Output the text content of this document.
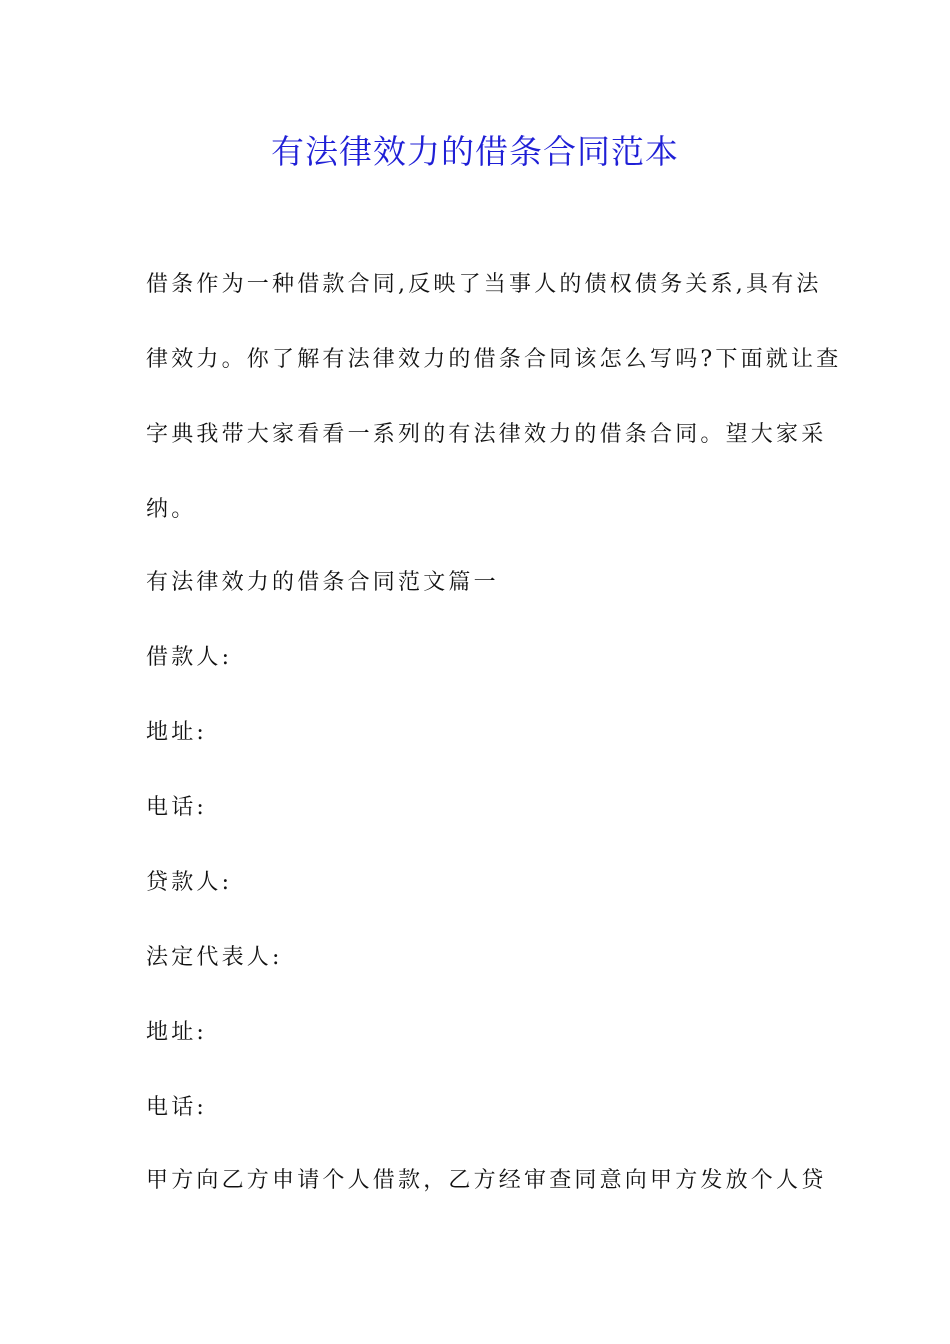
有法律效力的借条合同范本
借条作为一种借款合同,反映了当事人的债权债务关系,具有法
律效力。你了解有法律效力的借条合同该怎么写吗?下面就让查
字典我带大家看看一系列的有法律效力的借条合同。望大家采
纳。
有法律效力的借条合同范文篇一
借款人:
地址:
电话:
贷款人:
法定代表人:
地址:
电话:
甲方向乙方申请个人借款，乙方经审查同意向甲方发放个人贷
